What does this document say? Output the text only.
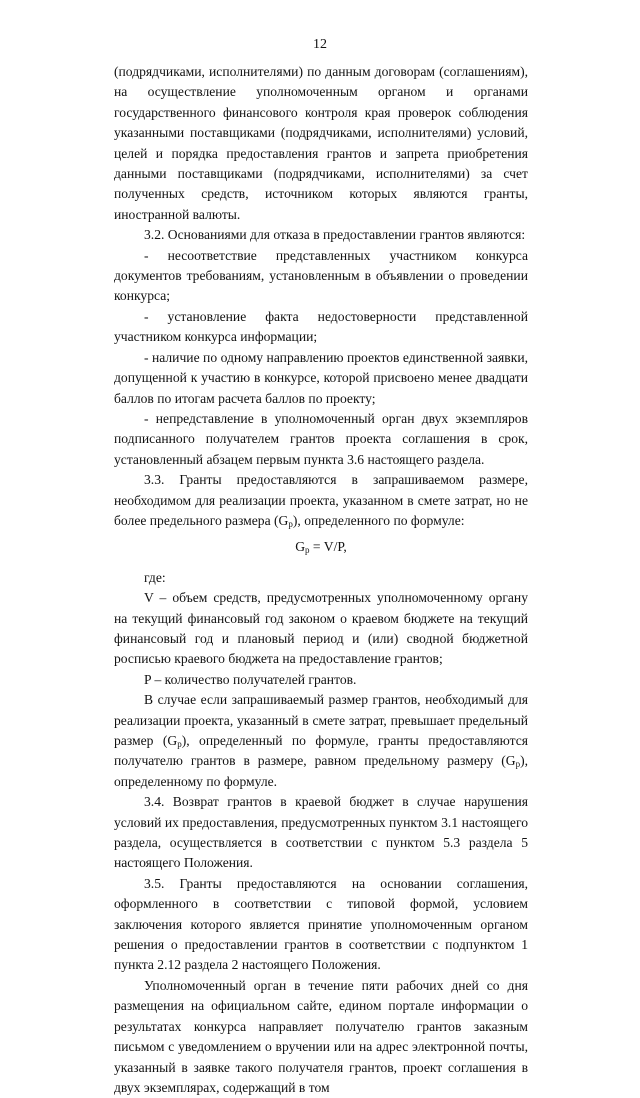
12

(подрядчиками, исполнителями) по данным договорам (соглашениям), на осуществление уполномоченным органом и органами государственного финансового контроля края проверок соблюдения указанными поставщиками (подрядчиками, исполнителями) условий, целей и порядка предоставления грантов и запрета приобретения данными поставщиками (подрядчиками, исполнителями) за счет полученных средств, источником которых являются гранты, иностранной валюты.

3.2. Основаниями для отказа в предоставлении грантов являются:

- несоответствие представленных участником конкурса документов требованиям, установленным в объявлении о проведении конкурса;

- установление факта недостоверности представленной участником конкурса информации;

- наличие по одному направлению проектов единственной заявки, допущенной к участию в конкурсе, которой присвоено менее двадцати баллов по итогам расчета баллов по проекту;

- непредставление в уполномоченный орган двух экземпляров подписанного получателем грантов проекта соглашения в срок, установленный абзацем первым пункта 3.6 настоящего раздела.

3.3. Гранты предоставляются в запрашиваемом размере, необходимом для реализации проекта, указанном в смете затрат, но не более предельного размера $(G_p)$, определенного по формуле:

$G_p = V/P$,

где:

V – объем средств, предусмотренных уполномоченному органу на текущий финансовый год законом о краевом бюджете на текущий финансовый год и плановый период и (или) сводной бюджетной росписью краевого бюджета на предоставление грантов;

P – количество получателей грантов.

В случае если запрашиваемый размер грантов, необходимый для реализации проекта, указанный в смете затрат, превышает предельный размер $(G_p)$, определенный по формуле, гранты предоставляются получателю грантов в размере, равном предельному размеру $(G_p)$, определенному по формуле.

3.4. Возврат грантов в краевой бюджет в случае нарушения условий их предоставления, предусмотренных пунктом 3.1 настоящего раздела, осуществляется в соответствии с пунктом 5.3 раздела 5 настоящего Положения.

3.5. Гранты предоставляются на основании соглашения, оформленного в соответствии с типовой формой, условием заключения которого является принятие уполномоченным органом решения о предоставлении грантов в соответствии с подпунктом 1 пункта 2.12 раздела 2 настоящего Положения.

Уполномоченный орган в течение пяти рабочих дней со дня размещения на официальном сайте, едином портале информации о результатах конкурса направляет получателю грантов заказным письмом с уведомлением о вручении или на адрес электронной почты, указанный в заявке такого получателя грантов, проект соглашения в двух экземплярах, содержащий в том
